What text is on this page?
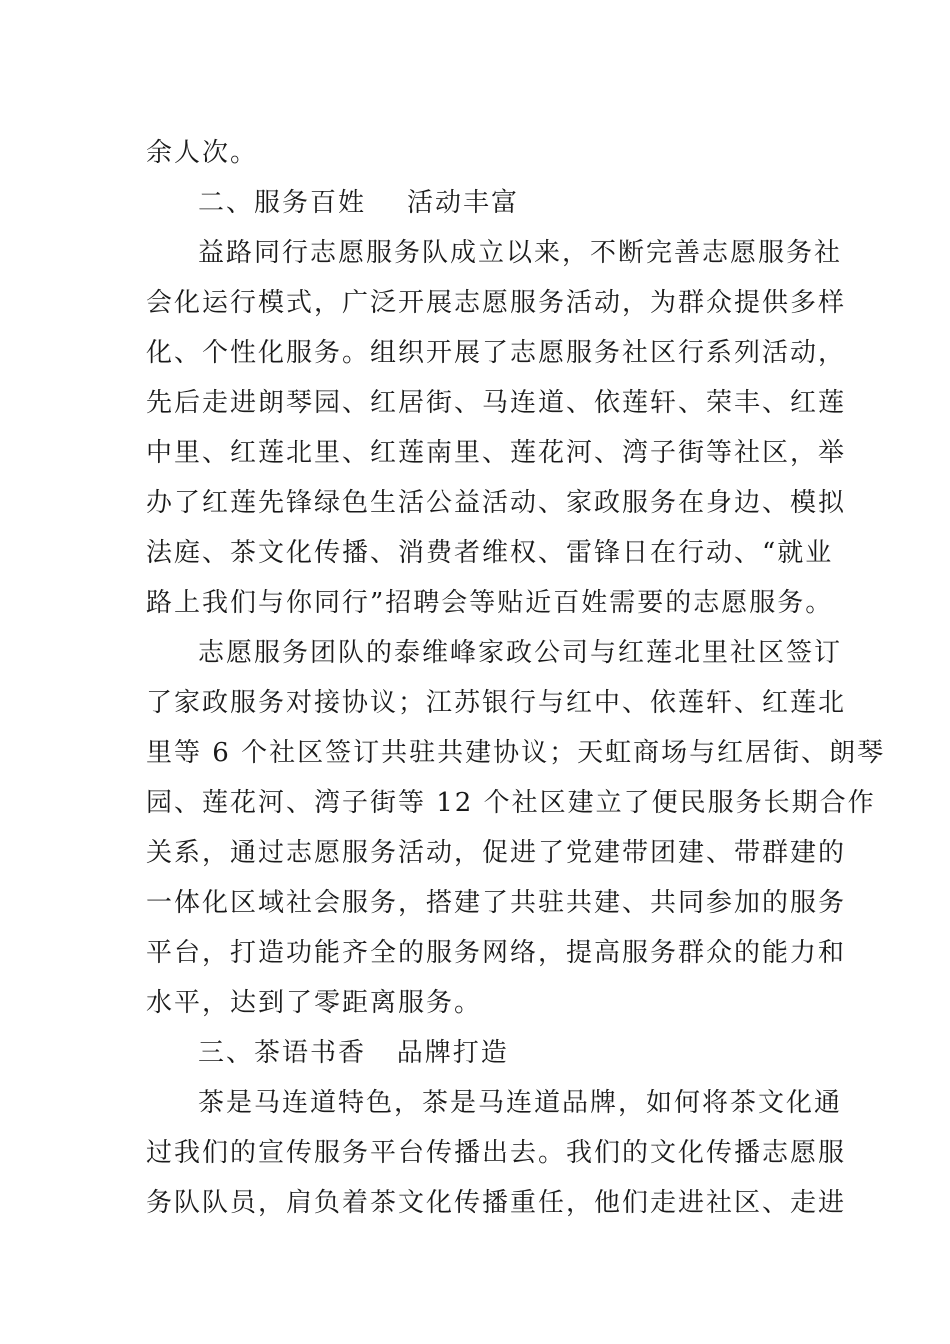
余人次。
二、服务百姓    活动丰富
益路同行志愿服务队成立以来，不断完善志愿服务社
会化运行模式，广泛开展志愿服务活动，为群众提供多样
化、个性化服务。组织开展了志愿服务社区行系列活动，
先后走进朗琴园、红居街、马连道、依莲轩、荣丰、红莲
中里、红莲北里、红莲南里、莲花河、湾子街等社区，举
办了红莲先锋绿色生活公益活动、家政服务在身边、模拟
法庭、茶文化传播、消费者维权、雷锋日在行动、“就业
路上我们与你同行”招聘会等贴近百姓需要的志愿服务。
志愿服务团队的泰维峰家政公司与红莲北里社区签订
了家政服务对接协议；江苏银行与红中、依莲轩、红莲北
里等 6 个社区签订共驻共建协议；天虹商场与红居街、朗琴
园、莲花河、湾子街等 12 个社区建立了便民服务长期合作
关系，通过志愿服务活动，促进了党建带团建、带群建的
一体化区域社会服务，搭建了共驻共建、共同参加的服务
平台，打造功能齐全的服务网络，提高服务群众的能力和
水平，达到了零距离服务。
三、茶语书香   品牌打造
茶是马连道特色，茶是马连道品牌，如何将茶文化通
过我们的宣传服务平台传播出去。我们的文化传播志愿服
务队队员，肩负着茶文化传播重任，他们走进社区、走进
